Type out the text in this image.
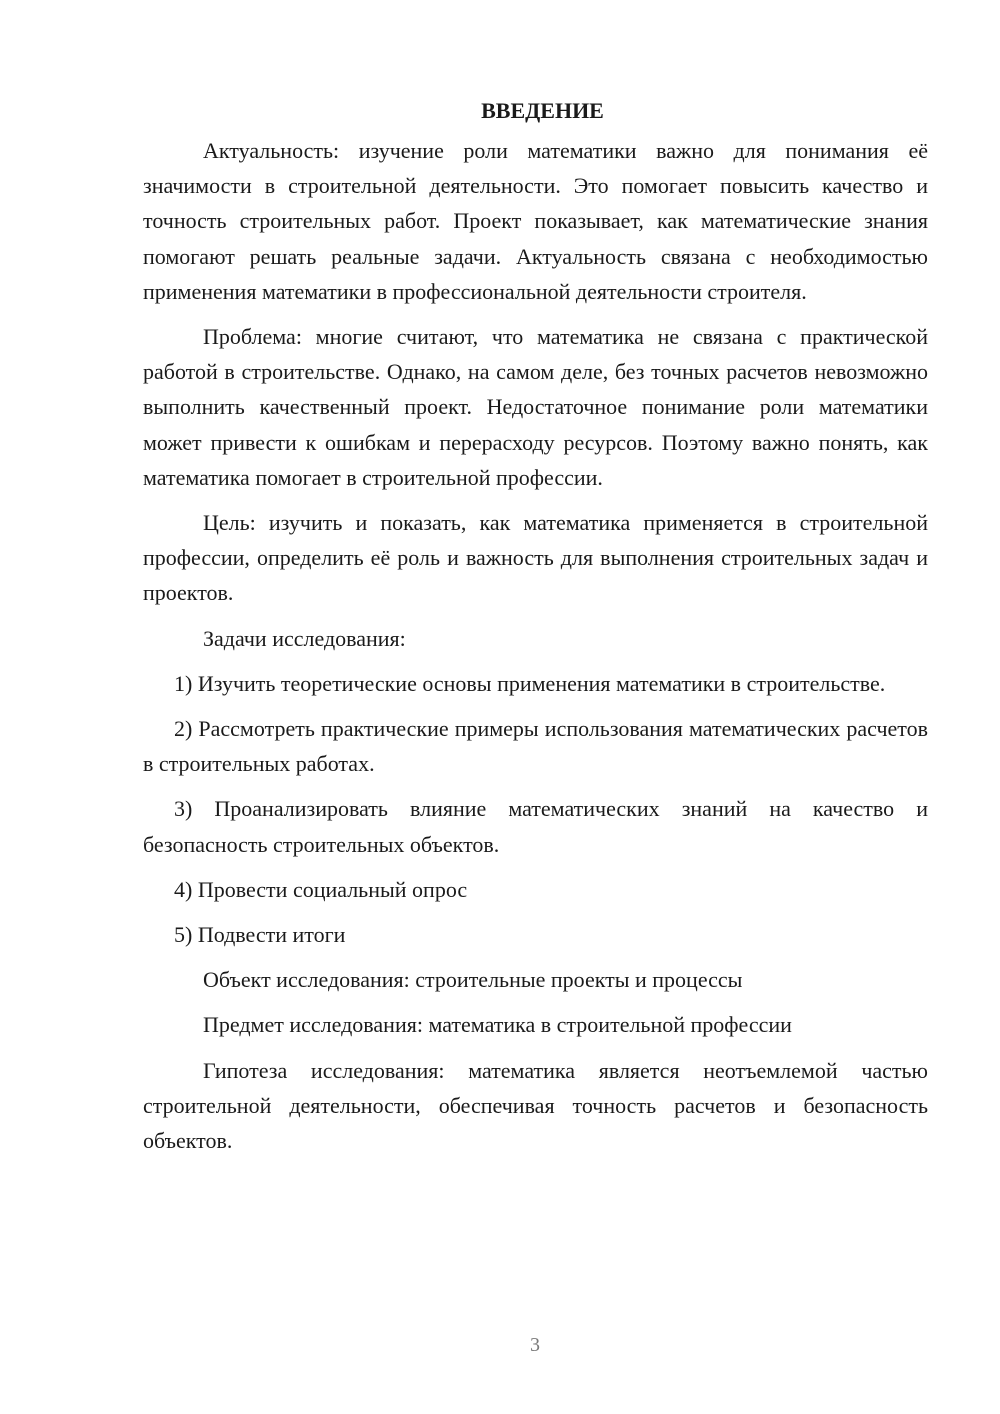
ВВЕДЕНИЕ

Актуальность: изучение роли математики важно для понимания её значимости в строительной деятельности. Это помогает повысить качество и точность строительных работ. Проект показывает, как математические знания помогают решать реальные задачи. Актуальность связана с необходимостью применения математики в профессиональной деятельности строителя.

Проблема: многие считают, что математика не связана с практической работой в строительстве. Однако, на самом деле, без точных расчетов невозможно выполнить качественный проект. Недостаточное понимание роли математики может привести к ошибкам и перерасходу ресурсов. Поэтому важно понять, как математика помогает в строительной профессии.

Цель: изучить и показать, как математика применяется в строительной профессии, определить её роль и важность для выполнения строительных задач и проектов.

Задачи исследования:

1) Изучить теоретические основы применения математики в строительстве.

2) Рассмотреть практические примеры использования математических расчетов в строительных работах.

3) Проанализировать влияние математических знаний на качество и безопасность строительных объектов.

4) Провести социальный опрос

5) Подвести итоги

Объект исследования: строительные проекты и процессы

Предмет исследования: математика в строительной профессии

Гипотеза исследования: математика является неотъемлемой частью строительной деятельности, обеспечивая точность расчетов и безопасность объектов.

3
